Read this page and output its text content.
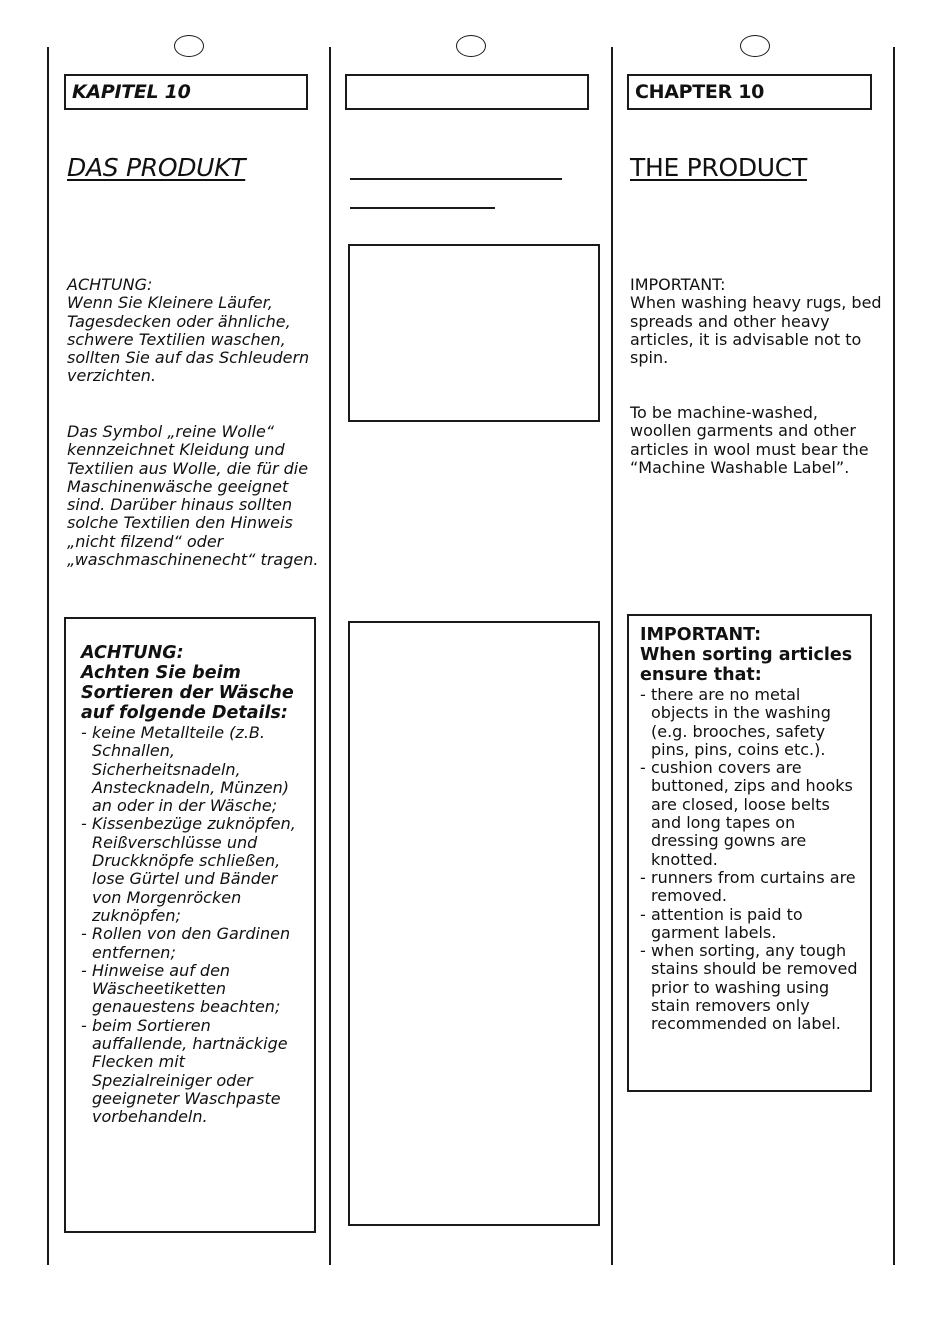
KAPITEL 10
DAS PRODUKT

ACHTUNG:
Wenn Sie Kleinere Läufer, Tagesdecken oder ähnliche, schwere Textilien waschen, sollten Sie auf das Schleudern verzichten.

Das Symbol „reine Wolle“ kennzeichnet Kleidung und Textilien aus Wolle, die für die Maschinenwäsche geeignet sind. Darüber hinaus sollten solche Textilien den Hinweis „nicht filzend“ oder „waschmaschinenecht“ tragen.

ACHTUNG:
Achten Sie beim Sortieren der Wäsche auf folgende Details:

- keine Metallteile (z.B. Schnallen, Sicherheitsnadeln, Anstecknadeln, Münzen) an oder in der Wäsche;
- Kissenbezüge zuknöpfen, Reißverschlüsse und Druckknöpfe schließen, lose Gürtel und Bänder von Morgenröcken zuknöpfen;
- Rollen von den Gardinen entfernen;
- Hinweise auf den Wäscheetiketten genauestens beachten;
- beim Sortieren auffallende, hartnäckige Flecken mit Spezialreiniger oder geeigneter Waschpaste vorbehandeln.
CHAPTER 10
THE PRODUCT

IMPORTANT:
When washing heavy rugs, bed spreads and other heavy articles, it is advisable not to spin.

To be machine-washed, woollen garments and other articles in wool must bear the “Machine Washable Label”.

IMPORTANT:
When sorting articles ensure that:

- there are no metal objects in the washing (e.g. brooches, safety pins, pins, coins etc.).
- cushion covers are buttoned, zips and hooks are closed, loose belts and long tapes on dressing gowns are knotted.
- runners from curtains are removed.
- attention is paid to garment labels.
- when sorting, any tough stains should be removed prior to washing using stain removers only recommended on label.
